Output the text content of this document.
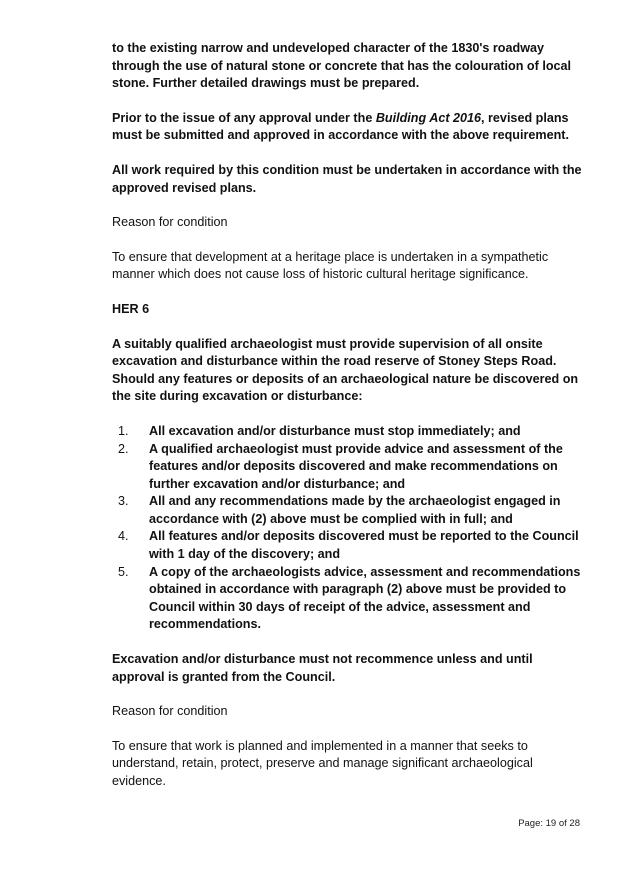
to the existing narrow and undeveloped character of the 1830's roadway through the use of natural stone or concrete that has the colouration of local stone. Further detailed drawings must be prepared.

Prior to the issue of any approval under the Building Act 2016, revised plans must be submitted and approved in accordance with the above requirement.

All work required by this condition must be undertaken in accordance with the approved revised plans.

Reason for condition

To ensure that development at a heritage place is undertaken in a sympathetic manner which does not cause loss of historic cultural heritage significance.

HER 6

A suitably qualified archaeologist must provide supervision of all onsite excavation and disturbance within the road reserve of Stoney Steps Road. Should any features or deposits of an archaeological nature be discovered on the site during excavation or disturbance:

1.	All excavation and/or disturbance must stop immediately; and
2.	A qualified archaeologist must provide advice and assessment of the features and/or deposits discovered and make recommendations on further excavation and/or disturbance; and
3.	All and any recommendations made by the archaeologist engaged in accordance with (2) above must be complied with in full; and
4.	All features and/or deposits discovered must be reported to the Council with 1 day of the discovery; and
5.	A copy of the archaeologists advice, assessment and recommendations obtained in accordance with paragraph (2) above must be provided to Council within 30 days of receipt of the advice, assessment and recommendations.

Excavation and/or disturbance must not recommence unless and until approval is granted from the Council.

Reason for condition

To ensure that work is planned and implemented in a manner that seeks to understand, retain, protect, preserve and manage significant archaeological evidence.

Page: 19 of 28
